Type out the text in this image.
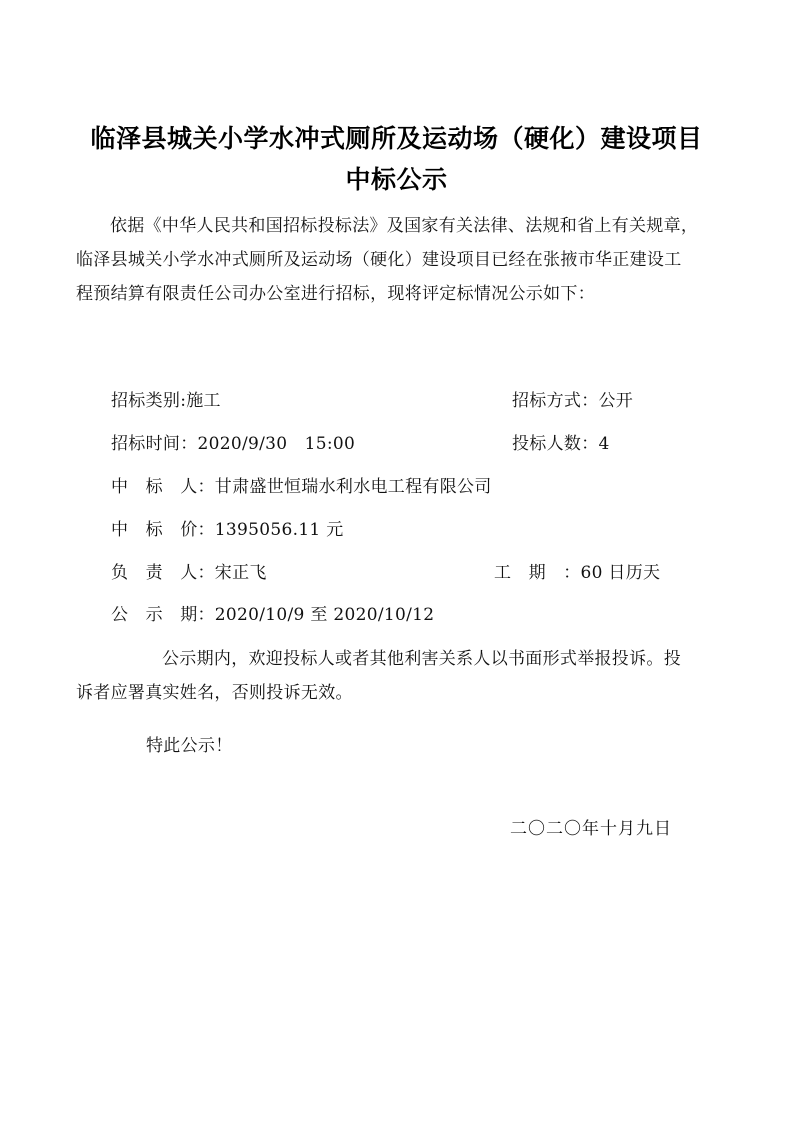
临泽县城关小学水冲式厕所及运动场（硬化）建设项目
中标公示
依据《中华人民共和国招标投标法》及国家有关法律、法规和省上有关规章，
临泽县城关小学水冲式厕所及运动场（硬化）建设项目已经在张掖市华正建设工
程预结算有限责任公司办公室进行招标，现将评定标情况公示如下：
招标类别:施工	招标方式：公开
招标时间：2020/9/30　15:00	投标人数：4
中　标　人：甘肃盛世恒瑞水利水电工程有限公司
中　标　价：1395056.11 元
负　责　人：宋正飞	工　期　：60 日历天
公　示　期：2020/10/9 至 2020/10/12
公示期内，欢迎投标人或者其他利害关系人以书面形式举报投诉。投
诉者应署真实姓名，否则投诉无效。
特此公示！
二〇二〇年十月九日
